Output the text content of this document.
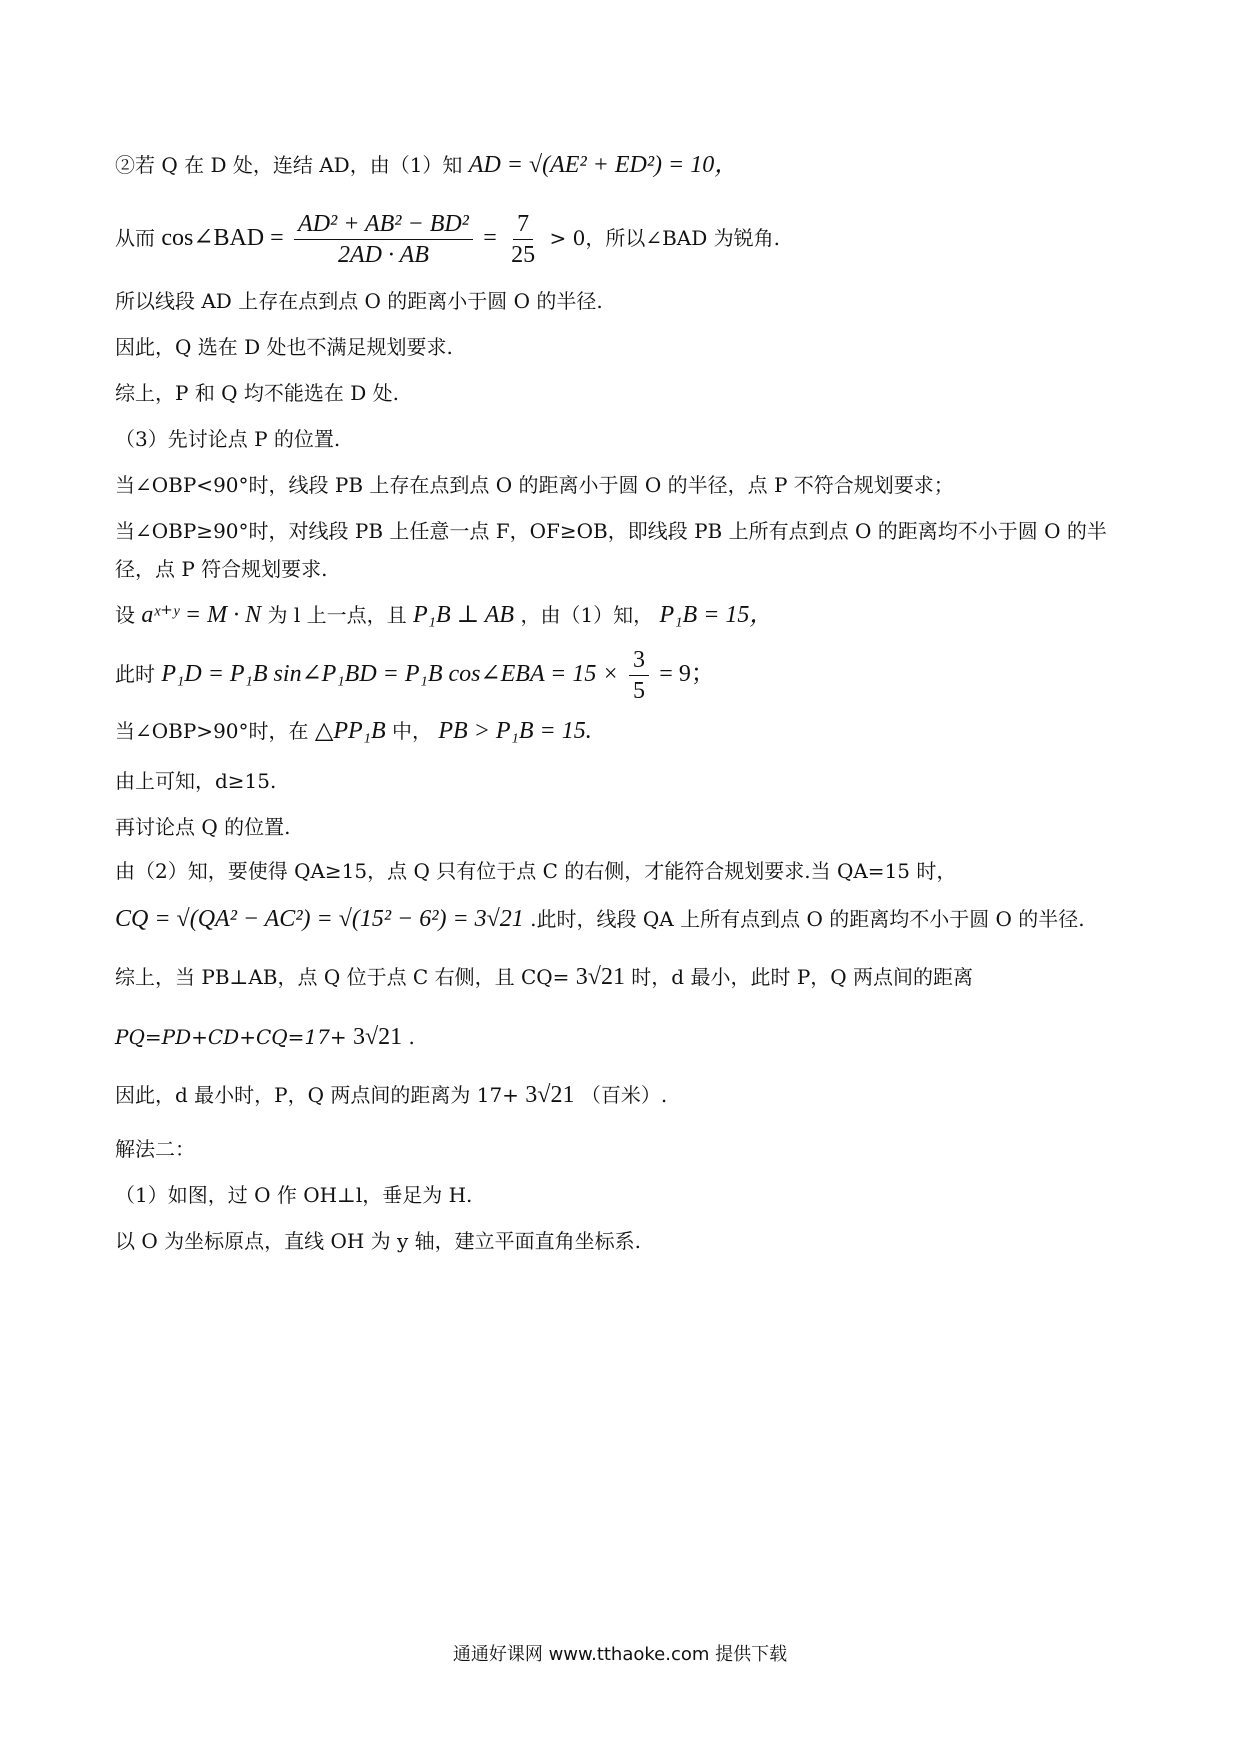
②若 Q 在 D 处，连结 AD，由（1）知 AD = √(AE² + ED²) = 10，
从而 cos∠BAD = $\frac{\text{AD² + AB² − BD²}}{2AD \cdot AB} = \frac{7}{25} > 0$，所以∠BAD 为锐角.
所以线段 AD 上存在点到点 O 的距离小于圆 O 的半径.
因此，Q 选在 D 处也不满足规划要求.
综上，P 和 Q 均不能选在 D 处.
（3）先讨论点 P 的位置.
当∠OBP<90°时，线段 PB 上存在点到点 O 的距离小于圆 O 的半径，点 P 不符合规划要求；
当∠OBP≥90°时，对线段 PB 上任意一点 F，OF≥OB，即线段 PB 上所有点到点 O 的距离均不小于圆 O 的半
径，点 P 符合规划要求.
设 aˣ⁺ʸ = M · N 为 l 上一点，且 P₁B ⊥ AB ，由（1）知， P₁B = 15，
此时 P₁D = P₁B sin∠P₁BD = P₁B cos∠EBA = $15 \times \frac{3}{5} = 9$；
当∠OBP>90°时，在 △PP₁B 中， PB > P₁B = 15.
由上可知，d≥15.
再讨论点 Q 的位置.
由（2）知，要使得 QA≥15，点 Q 只有位于点 C 的右侧，才能符合规划要求.当 QA=15 时，
CQ = √(QA² − AC²) = √(15² − 6²) = 3√21 .此时，线段 QA 上所有点到点 O 的距离均不小于圆 O 的半径.
综上，当 PB⊥AB，点 Q 位于点 C 右侧，且 CQ= 3√21 时，d 最小，此时 P，Q 两点间的距离
PQ=PD+CD+CQ=17+ 3√21 .
因此，d 最小时，P，Q 两点间的距离为 17+ 3√21 （百米）.
解法二：
（1）如图，过 O 作 OH⊥l，垂足为 H.
以 O 为坐标原点，直线 OH 为 y 轴，建立平面直角坐标系.
通通好课网 www.tthaoke.com 提供下载
